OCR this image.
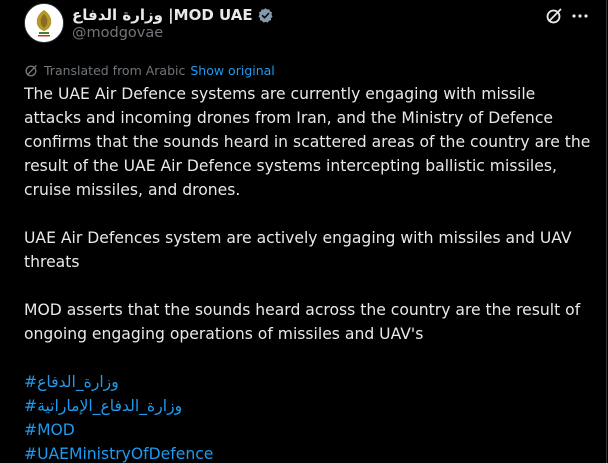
وزارة الدفاع |MOD UAE
@modgovae
Translated from Arabic Show original

The UAE Air Defence systems are currently engaging with missile attacks and incoming drones from Iran, and the Ministry of Defence confirms that the sounds heard in scattered areas of the country are the result of the UAE Air Defence systems intercepting ballistic missiles, cruise missiles, and drones.

UAE Air Defences system are actively engaging with missiles and UAV threats

MOD asserts that the sounds heard across the country are the result of ongoing engaging operations of missiles and UAV's

#وزارة_الدفاع
#وزارة_الدفاع_الإماراتية
#MOD
#UAEMinistryOfDefence
